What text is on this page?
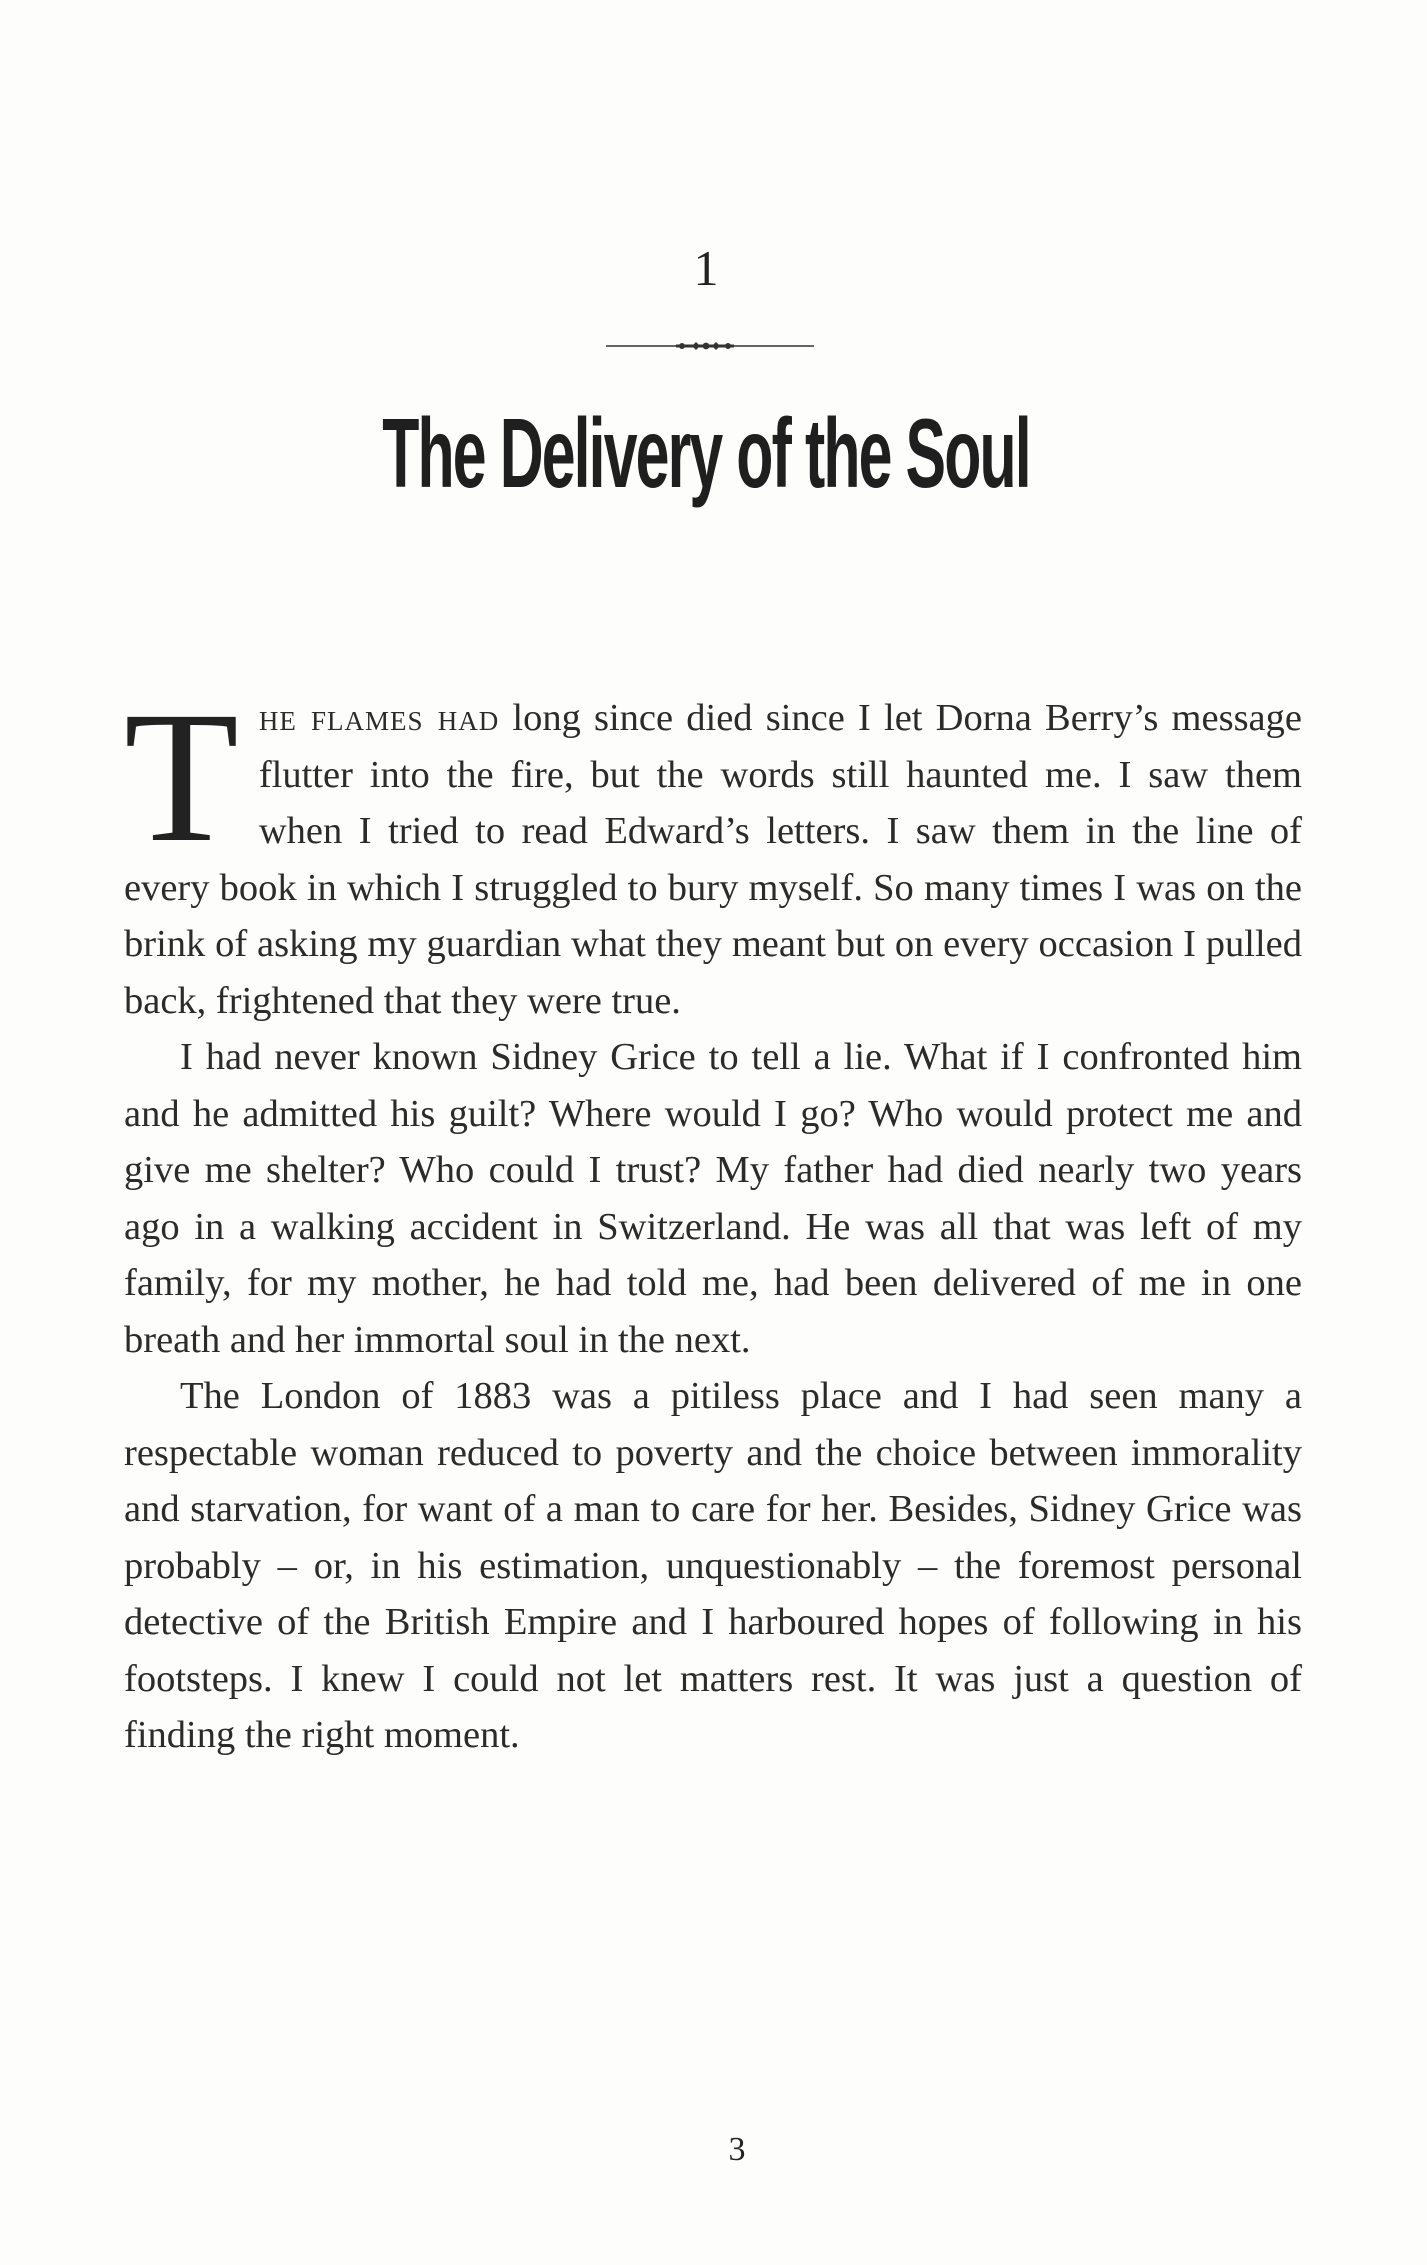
1
The Delivery of the Soul

The flames had long since died since I let Dorna Berry’s message flutter into the fire, but the words still haunted me. I saw them when I tried to read Edward’s letters. I saw them in the line of every book in which I struggled to bury myself. So many times I was on the brink of asking my guardian what they meant but on every occasion I pulled back, frightened that they were true.

I had never known Sidney Grice to tell a lie. What if I confronted him and he admitted his guilt? Where would I go? Who would protect me and give me shelter? Who could I trust? My father had died nearly two years ago in a walking accident in Switzerland. He was all that was left of my family, for my mother, he had told me, had been delivered of me in one breath and her immortal soul in the next.

The London of 1883 was a pitiless place and I had seen many a respectable woman reduced to poverty and the choice between immorality and starvation, for want of a man to care for her. Besides, Sidney Grice was probably – or, in his estimation, unquestionably – the foremost personal detective of the British Empire and I harboured hopes of following in his footsteps. I knew I could not let matters rest. It was just a question of finding the right moment.

3
